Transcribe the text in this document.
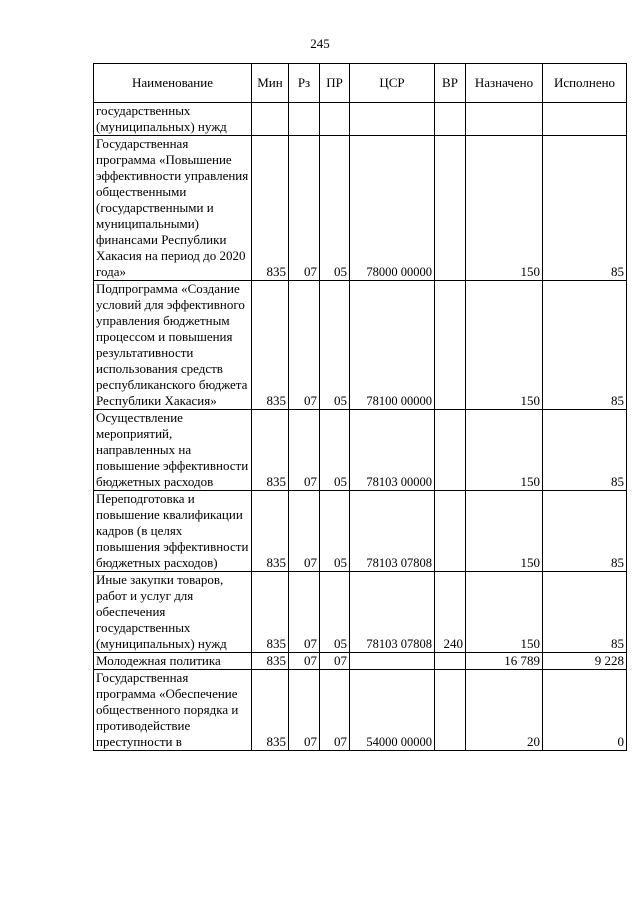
245
Наименование	Мин	Рз	ПР	ЦСР	ВР	Назначено	Исполнено
государственных (муниципальных) нужд							
Государственная программа «Повышение эффективности управления общественными (государственными и муниципальными) финансами Республики Хакасия на период до 2020 года»	835	07	05	78000 00000		150	85
Подпрограмма «Создание условий для эффективного управления бюджетным процессом и повышения результативности использования средств республиканского бюджета Республики Хакасия»	835	07	05	78100 00000		150	85
Осуществление мероприятий, направленных на повышение эффективности бюджетных расходов	835	07	05	78103 00000		150	85
Переподготовка и повышение квалификации кадров (в целях повышения эффективности бюджетных расходов)	835	07	05	78103 07808		150	85
Иные закупки товаров, работ и услуг для обеспечения государственных (муниципальных) нужд	835	07	05	78103 07808	240	150	85
Молодежная политика	835	07	07			16 789	9 228
Государственная программа «Обеспечение общественного порядка и противодействие преступности в	835	07	07	54000 00000		20	0
